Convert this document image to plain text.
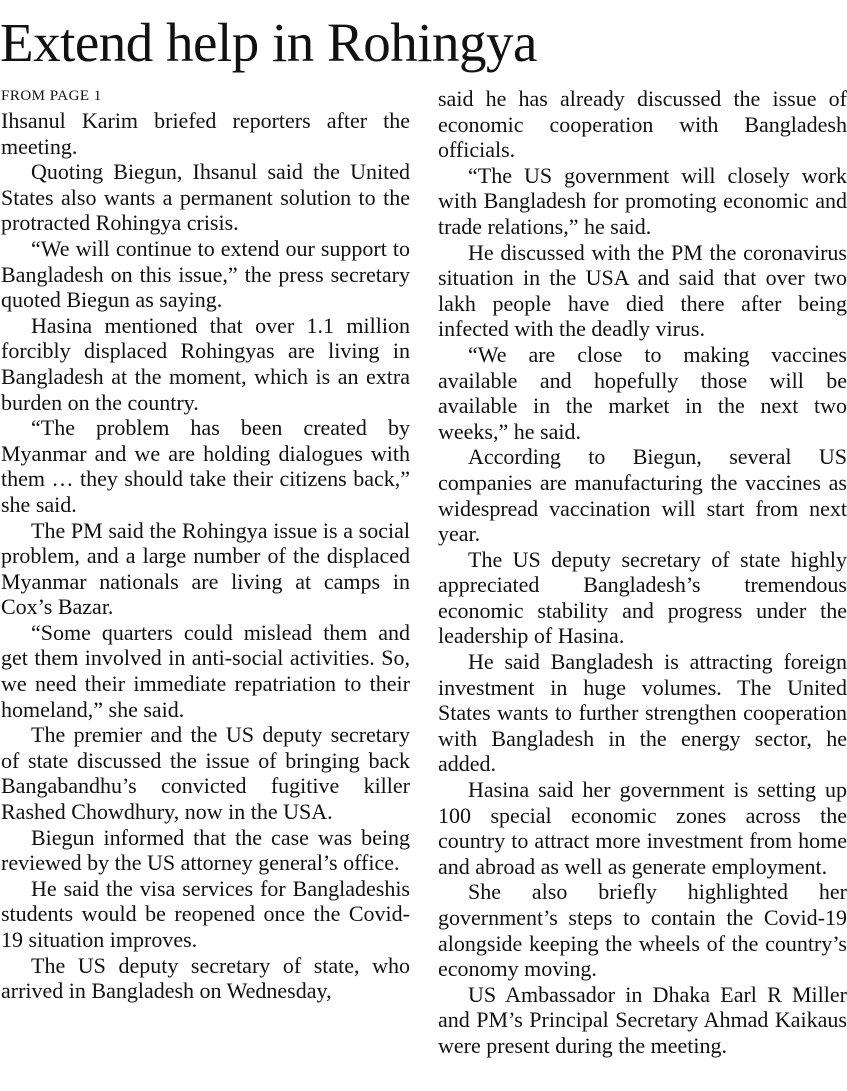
Extend help in Rohingya
FROM PAGE 1

Ihsanul Karim briefed reporters after the meeting.

Quoting Biegun, Ihsanul said the United States also wants a permanent solution to the protracted Rohingya crisis.

“We will continue to extend our support to Bangladesh on this issue,” the press secretary quoted Biegun as saying.

Hasina mentioned that over 1.1 million forcibly displaced Rohingyas are living in Bangladesh at the moment, which is an extra burden on the country.

“The problem has been created by Myanmar and we are holding dialogues with them … they should take their citizens back,” she said.

The PM said the Rohingya issue is a social problem, and a large number of the displaced Myanmar nationals are living at camps in Cox’s Bazar.

“Some quarters could mislead them and get them involved in anti-social activities. So, we need their immediate repatriation to their homeland,” she said.

The premier and the US deputy secretary of state discussed the issue of bringing back Bangabandhu’s convicted fugitive killer Rashed Chowdhury, now in the USA.

Biegun informed that the case was being reviewed by the US attorney general’s office.

He said the visa services for Bangladeshis students would be reopened once the Covid-19 situation improves.

The US deputy secretary of state, who arrived in Bangladesh on Wednesday,

said he has already discussed the issue of economic cooperation with Bangladesh officials.

“The US government will closely work with Bangladesh for promoting economic and trade relations,” he said.

He discussed with the PM the coronavirus situation in the USA and said that over two lakh people have died there after being infected with the deadly virus.

“We are close to making vaccines available and hopefully those will be available in the market in the next two weeks,” he said.

According to Biegun, several US companies are manufacturing the vaccines as widespread vaccination will start from next year.

The US deputy secretary of state highly appreciated Bangladesh’s tremendous economic stability and progress under the leadership of Hasina.

He said Bangladesh is attracting foreign investment in huge volumes. The United States wants to further strengthen cooperation with Bangladesh in the energy sector, he added.

Hasina said her government is setting up 100 special economic zones across the country to attract more investment from home and abroad as well as generate employment.

She also briefly highlighted her government’s steps to contain the Covid-19 alongside keeping the wheels of the country’s economy moving.

US Ambassador in Dhaka Earl R Miller and PM’s Principal Secretary Ahmad Kaikaus were present during the meeting.
